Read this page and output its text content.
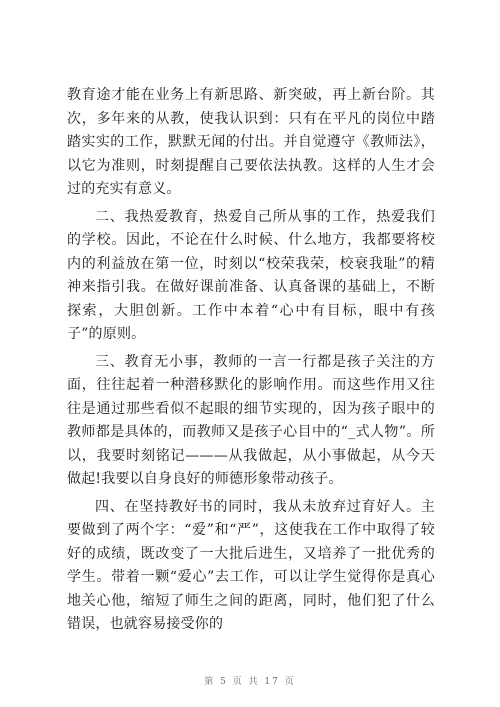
教育途才能在业务上有新思路、新突破，再上新台阶。其次，多年来的从教，使我认识到：只有在平凡的岗位中踏踏实实的工作，默默无闻的付出。并自觉遵守《教师法》，以它为准则，时刻提醒自己要依法执教。这样的人生才会过的充实有意义。

二、我热爱教育，热爱自己所从事的工作，热爱我们的学校。因此，不论在什么时候、什么地方，我都要将校内的利益放在第一位，时刻以“校荣我荣，校衰我耻”的精神来指引我。在做好课前准备、认真备课的基础上，不断探索，大胆创新。工作中本着“心中有目标，眼中有孩子”的原则。

三、教育无小事，教师的一言一行都是孩子关注的方面，往往起着一种潜移默化的影响作用。而这些作用又往往是通过那些看似不起眼的细节实现的，因为孩子眼中的教师都是具体的，而教师又是孩子心目中的“_式人物”。所以，我要时刻铭记———从我做起，从小事做起，从今天做起!我要以自身良好的师德形象带动孩子。

四、在坚持教好书的同时，我从未放弃过育好人。主要做到了两个字：“爱”和“严”，这使我在工作中取得了较好的成绩，既改变了一大批后进生，又培养了一批优秀的学生。带着一颗“爱心”去工作，可以让学生觉得你是真心地关心他，缩短了师生之间的距离，同时，他们犯了什么错误，也就容易接受你的

第 5 页 共 17 页
